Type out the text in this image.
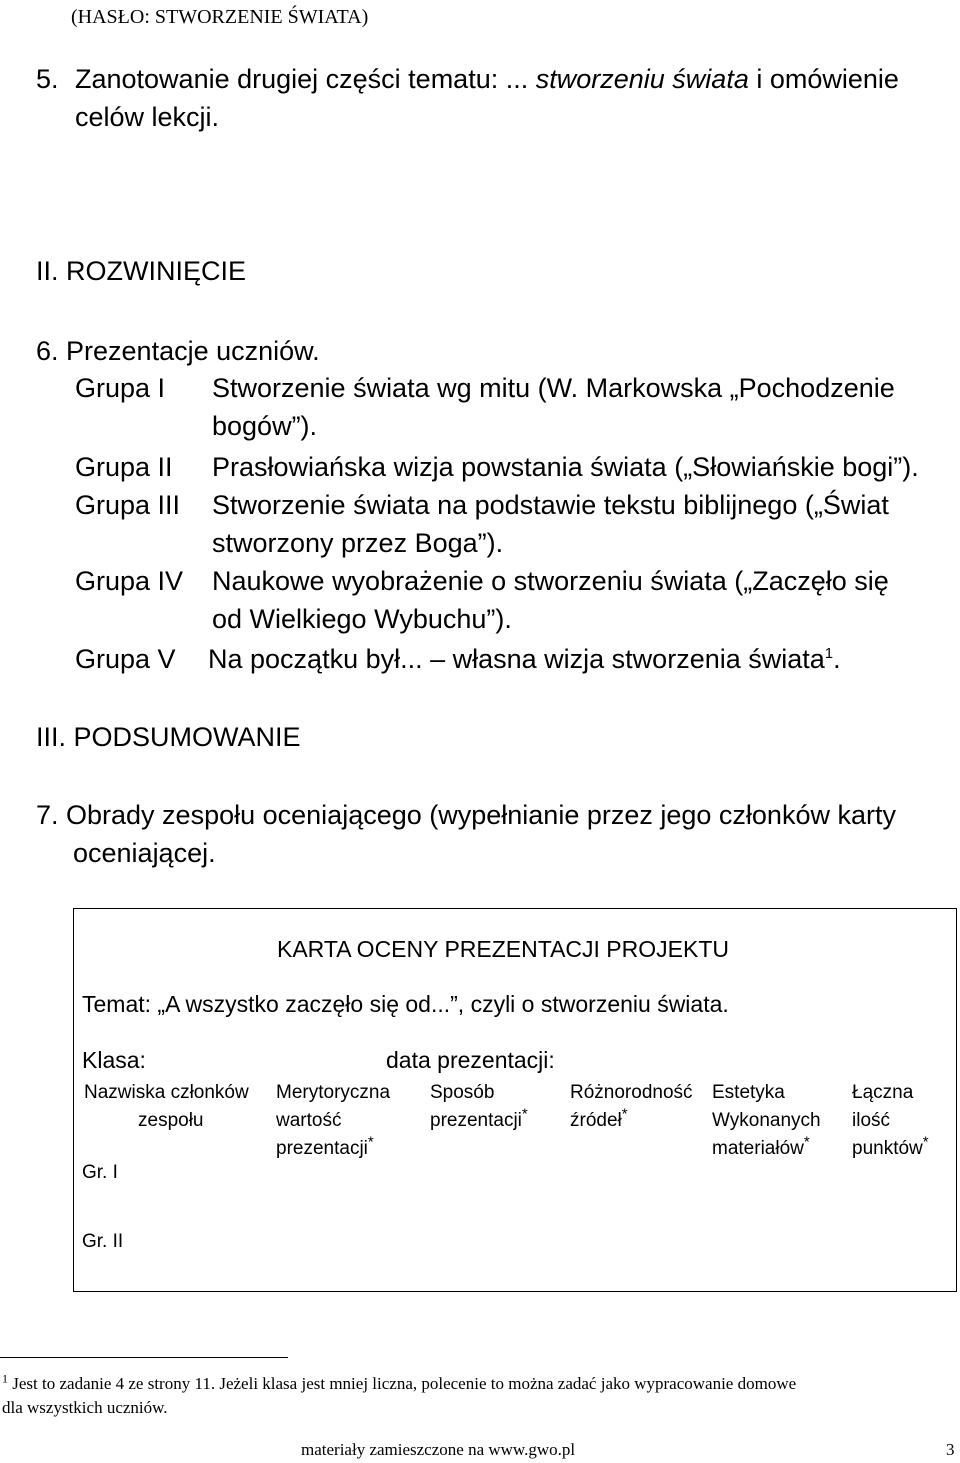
(HASŁO: STWORZENIE ŚWIATA)
5. Zanotowanie drugiej części tematu: ... stworzeniu świata i omówienie
celów lekcji.
II. ROZWINIĘCIE
6. Prezentacje uczniów.
Grupa I Stworzenie świata wg mitu (W. Markowska „Pochodzenie
bogów”).
Grupa II Prasłowiańska wizja powstania świata („Słowiańskie bogi”).
Grupa III Stworzenie świata na podstawie tekstu biblijnego („Świat
stworzony przez Boga”).
Grupa IV Naukowe wyobrażenie o stworzeniu świata („Zaczęło się
od Wielkiego Wybuchu”).
Grupa V Na początku był... – własna wizja stworzenia świata$^1$.
III. PODSUMOWANIE
7. Obrady zespołu oceniającego (wypełnianie przez jego członków karty
oceniającej.
KARTA OCENY PREZENTACJI PROJEKTU
Temat: „A wszystko zaczęło się od...”, czyli o stworzeniu świata.
Klasa:	data prezentacji:
Nazwiska członków
zespołu
Merytoryczna
wartość
prezentacji*
Sposób
prezentacji*
Różnorodność
źródeł*
Estetyka
Wykonanych
materiałów*
Łączna
ilość
punktów*
Gr. I
Gr. II
$^1$ Jest to zadanie 4 ze strony 11. Jeżeli klasa jest mniej liczna, polecenie to można zadać jako wypracowanie domowe
dla wszystkich uczniów.
materiały zamieszczone na www.gwo.pl	3
